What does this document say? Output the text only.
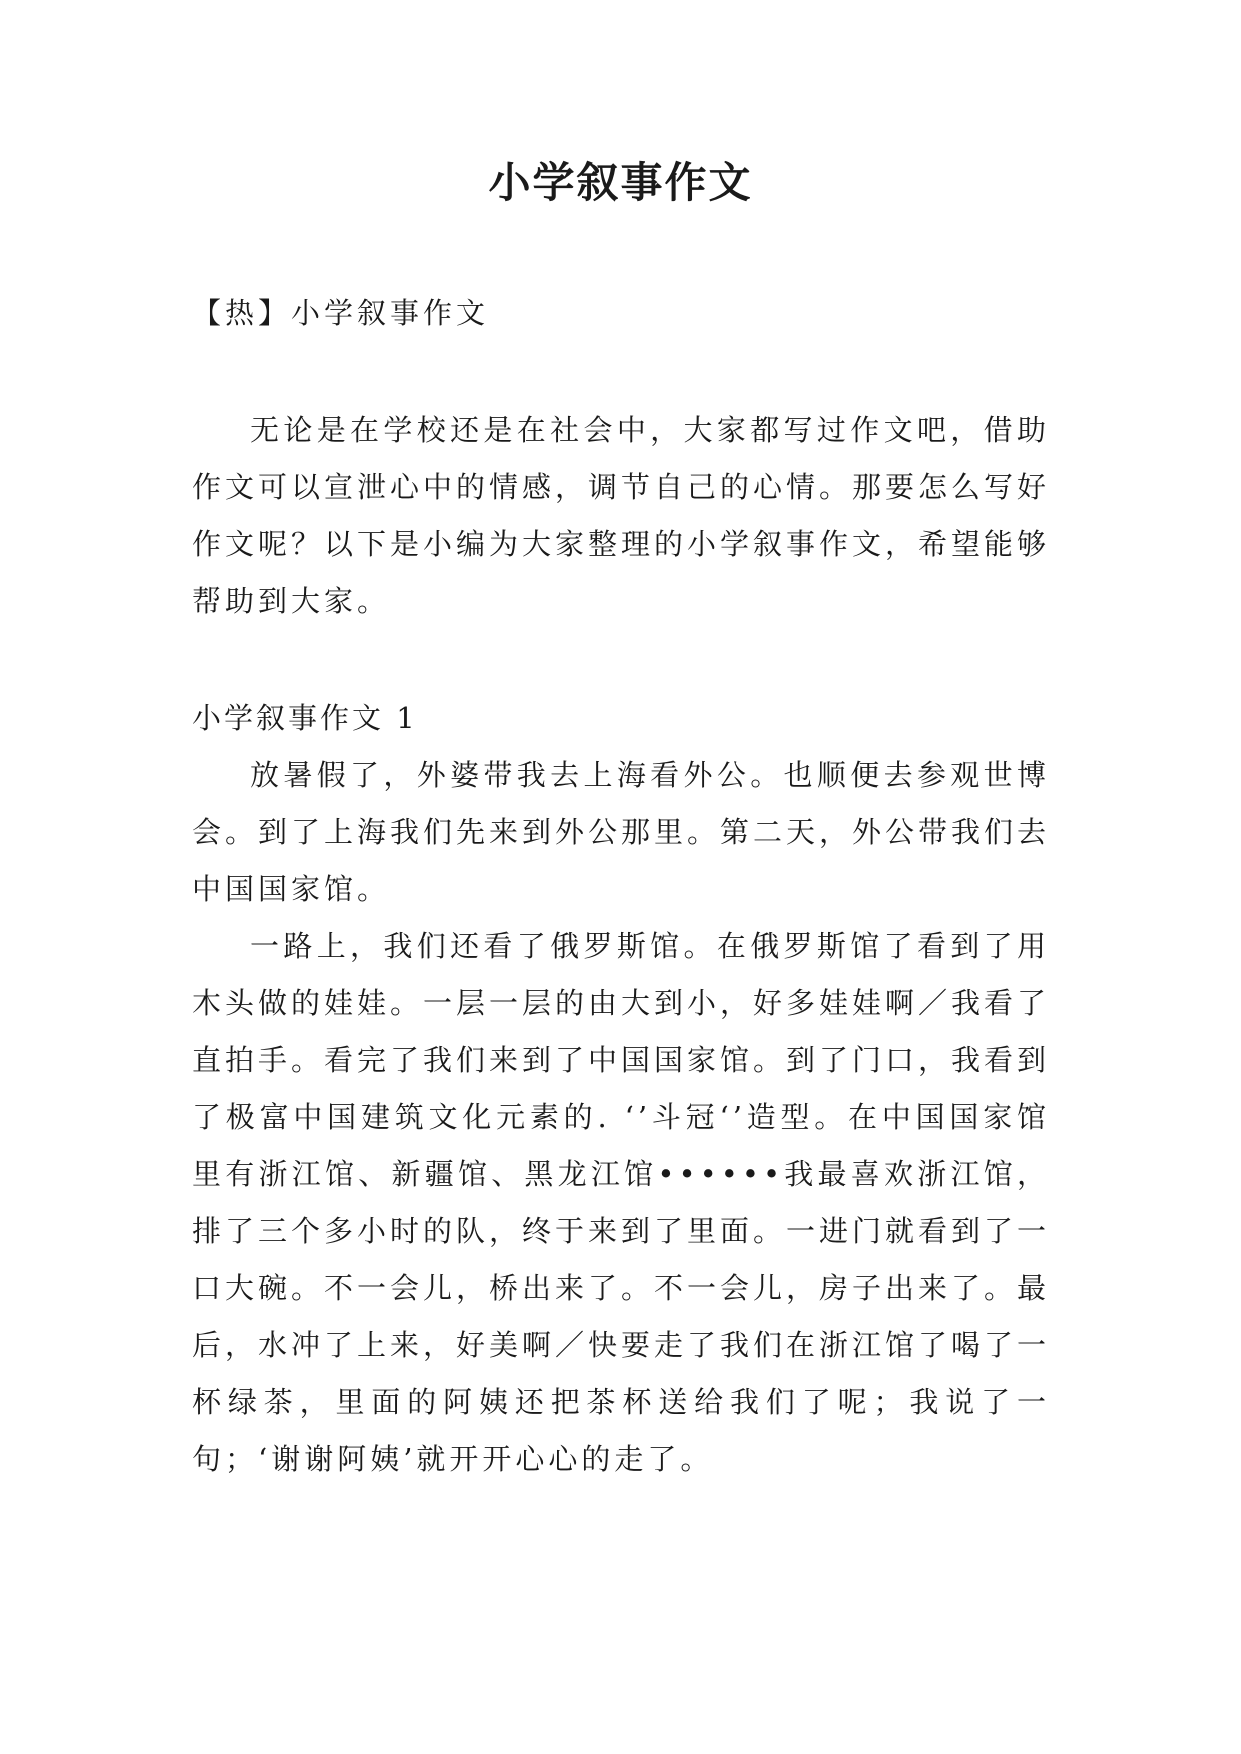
小学叙事作文

【热】小学叙事作文

无论是在学校还是在社会中，大家都写过作文吧，借助作文可以宣泄心中的情感，调节自己的心情。那要怎么写好作文呢？以下是小编为大家整理的小学叙事作文，希望能够帮助到大家。

小学叙事作文 1

放暑假了，外婆带我去上海看外公。也顺便去参观世博会。到了上海我们先来到外公那里。第二天，外公带我们去中国国家馆。

一路上，我们还看了俄罗斯馆。在俄罗斯馆了看到了用木头做的娃娃。一层一层的由大到小，好多娃娃啊／我看了直拍手。看完了我们来到了中国国家馆。到了门口，我看到了极富中国建筑文化元素的. ‘’斗冠‘’造型。在中国国家馆里有浙江馆、新疆馆、黑龙江馆••••••我最喜欢浙江馆，排了三个多小时的队，终于来到了里面。一进门就看到了一口大碗。不一会儿，桥出来了。不一会儿，房子出来了。最后，水冲了上来，好美啊／快要走了我们在浙江馆了喝了一杯绿茶，里面的阿姨还把茶杯送给我们了呢；我说了一句；‘谢谢阿姨’就开开心心的走了。
